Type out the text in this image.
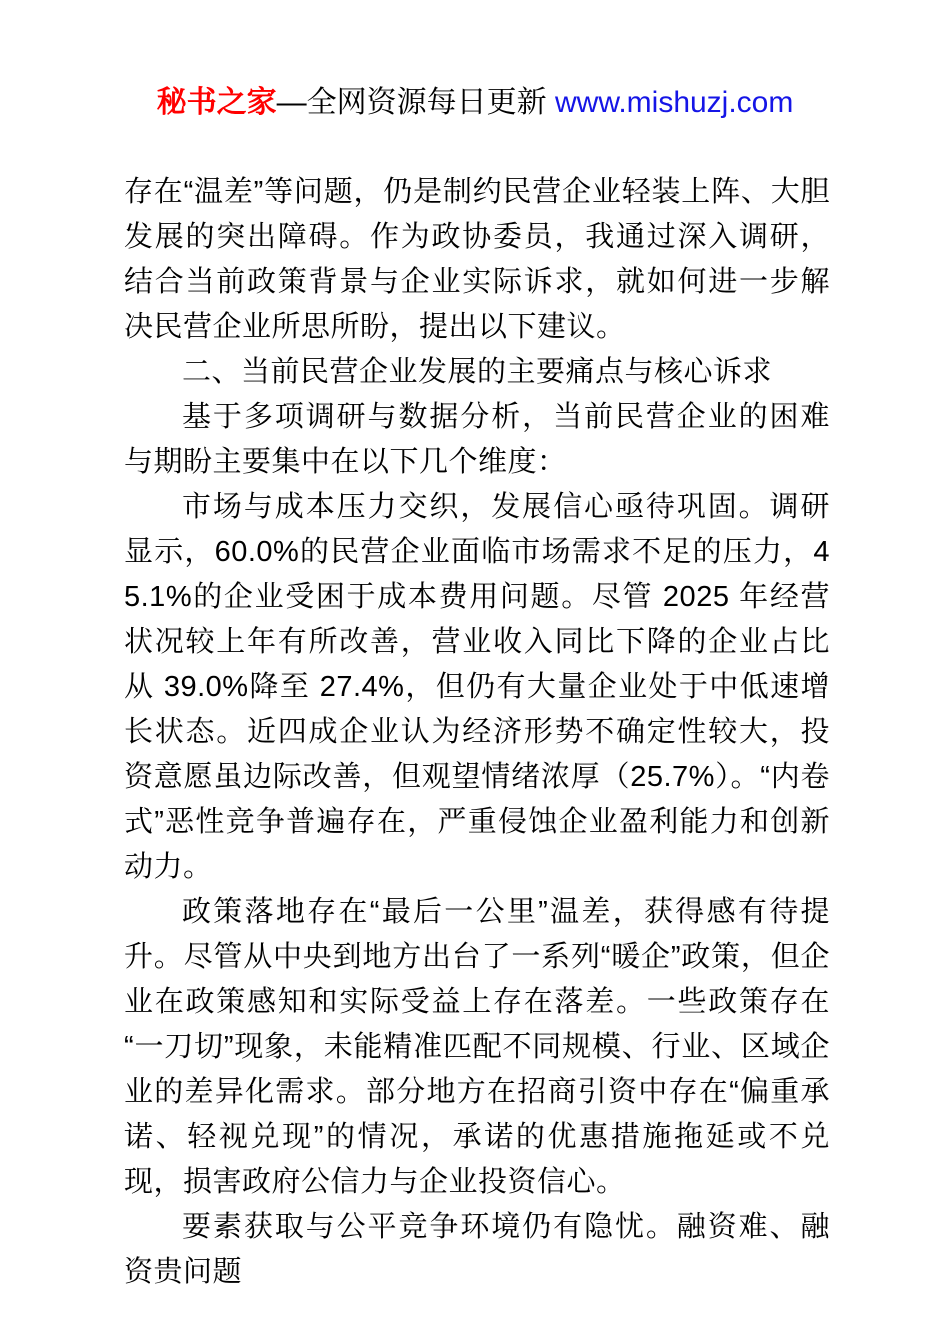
秘书之家—全网资源每日更新 www.mishuzj.com

存在“温差”等问题，仍是制约民营企业轻装上阵、大胆发展的突出障碍。作为政协委员，我通过深入调研，结合当前政策背景与企业实际诉求，就如何进一步解决民营企业所思所盼，提出以下建议。

二、当前民营企业发展的主要痛点与核心诉求

基于多项调研与数据分析，当前民营企业的困难与期盼主要集中在以下几个维度：

市场与成本压力交织，发展信心亟待巩固。调研显示，60.0%的民营企业面临市场需求不足的压力，45.1%的企业受困于成本费用问题。尽管 2025 年经营状况较上年有所改善，营业收入同比下降的企业占比从 39.0%降至 27.4%，但仍有大量企业处于中低速增长状态。近四成企业认为经济形势不确定性较大，投资意愿虽边际改善，但观望情绪浓厚（25.7%）。“内卷式”恶性竞争普遍存在，严重侵蚀企业盈利能力和创新动力。

政策落地存在“最后一公里”温差，获得感有待提升。尽管从中央到地方出台了一系列“暖企”政策，但企业在政策感知和实际受益上存在落差。一些政策存在“一刀切”现象，未能精准匹配不同规模、行业、区域企业的差异化需求。部分地方在招商引资中存在“偏重承诺、轻视兑现”的情况，承诺的优惠措施拖延或不兑现，损害政府公信力与企业投资信心。

要素获取与公平竞争环境仍有隐忧。融资难、融资贵问题
